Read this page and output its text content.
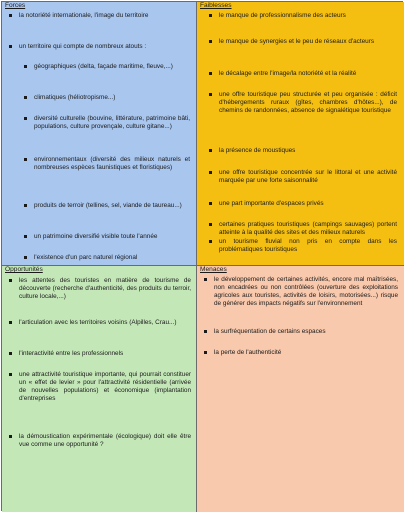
Forces
la notoriété internationale, l'image du territoire
un territoire qui compte de nombreux atouts :
géographiques (delta, façade maritime, fleuve,...)
climatiques (héliotropisme...)
diversité culturelle (bouvine, littérature, patrimoine bâti, populations, culture provençale, culture gitane...)
environnementaux (diversité des milieux naturels et nombreuses espèces faunistiques et floristiques)
produits de terroir (tellines, sel, viande de taureau...)
un patrimoine diversifié visible toute l'année
l'existence d'un parc naturel régional
Faiblesses
le manque de professionnalisme des acteurs
le manque de synergies et le peu de réseaux d'acteurs
le décalage entre l'image/la notoriété et la réalité
une offre touristique peu structurée et peu organisée : déficit d'hébergements ruraux (gîtes, chambres d'hôtes...), de chemins de randonnées, absence de signalétique touristique
la présence de moustiques
une offre touristique concentrée sur le littoral et une activité marquée par une forte saisonnalité
une part importante d'espaces privés
certaines pratiques touristiques (campings sauvages) portent atteinte à la qualité des sites et des milieux naturels
un tourisme fluvial non pris en compte dans les problématiques touristiques
Opportunités
les attentes des touristes en matière de tourisme de découverte (recherche d'authenticité, des produits du terroir, culture locale,...)
l'articulation avec les territoires voisins (Alpilles, Crau...)
l'interactivité entre les professionnels
une attractivité touristique importante, qui pourrait constituer un « effet de levier » pour l'attractivité résidentielle (arrivée de nouvelles populations) et économique (implantation d'entreprises
la démoustication expérimentale (écologique) doit elle être vue comme une opportunité ?
Menaces
le développement de certaines activités, encore mal maîtrisées, non encadrées ou non contrôlées (ouverture des exploitations agricoles aux touristes, activités de loisirs, motorisées...) risque de générer des impacts négatifs sur l'environnement
la surfréquentation de certains espaces
la perte de l'authenticité
